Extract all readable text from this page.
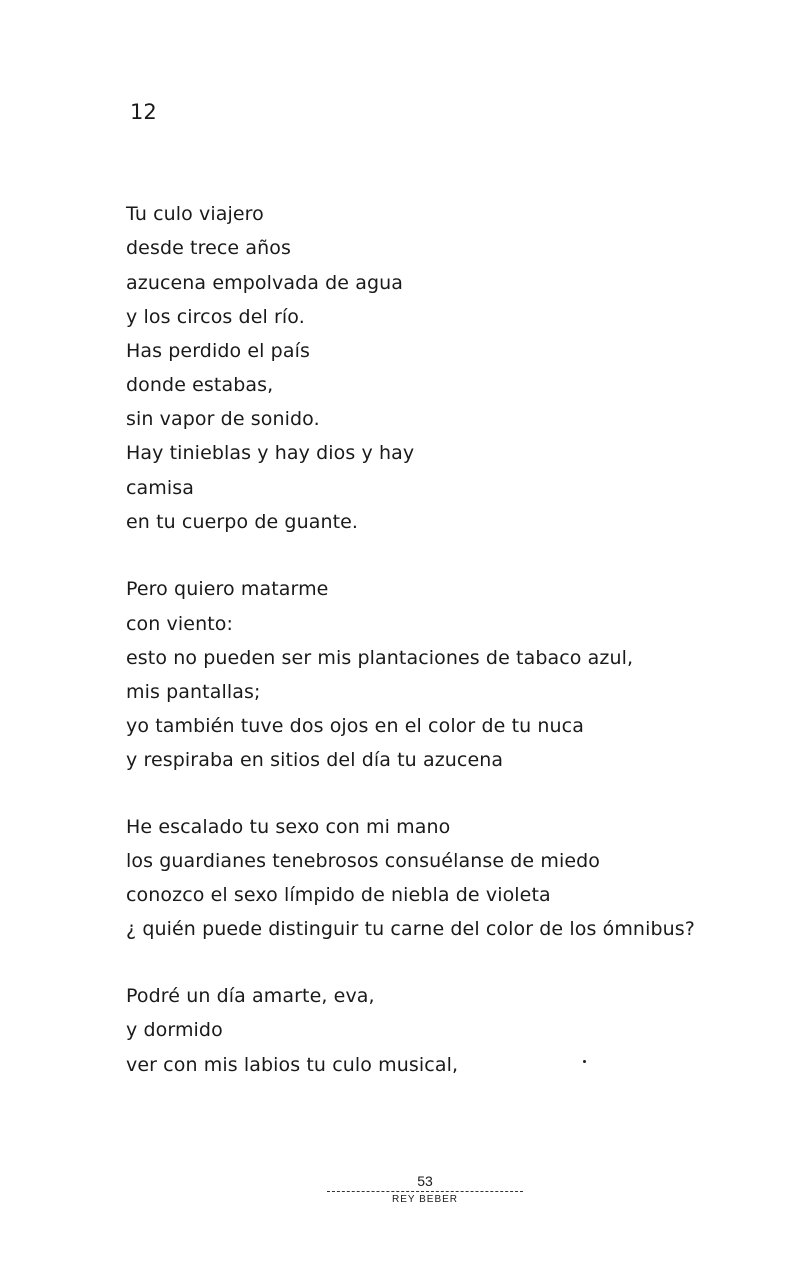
12
Tu culo viajero
desde trece años
azucena empolvada de agua
y los circos del río.
Has perdido el país
donde estabas,
sin vapor de sonido.
Hay tinieblas y hay dios y hay
camisa
en tu cuerpo de guante.
Pero quiero matarme
con viento:
esto no pueden ser mis plantaciones de tabaco azul,
mis pantallas;
yo también tuve dos ojos en el color de tu nuca
y respiraba en sitios del día tu azucena
He escalado tu sexo con mi mano
los guardianes tenebrosos consuélanse de miedo
conozco el sexo límpido de niebla de violeta
¿ quién puede distinguir tu carne del color de los ómnibus?
Podré un día amarte, eva,
y dormido
ver con mis labios tu culo musical,
53
REY BEBER
